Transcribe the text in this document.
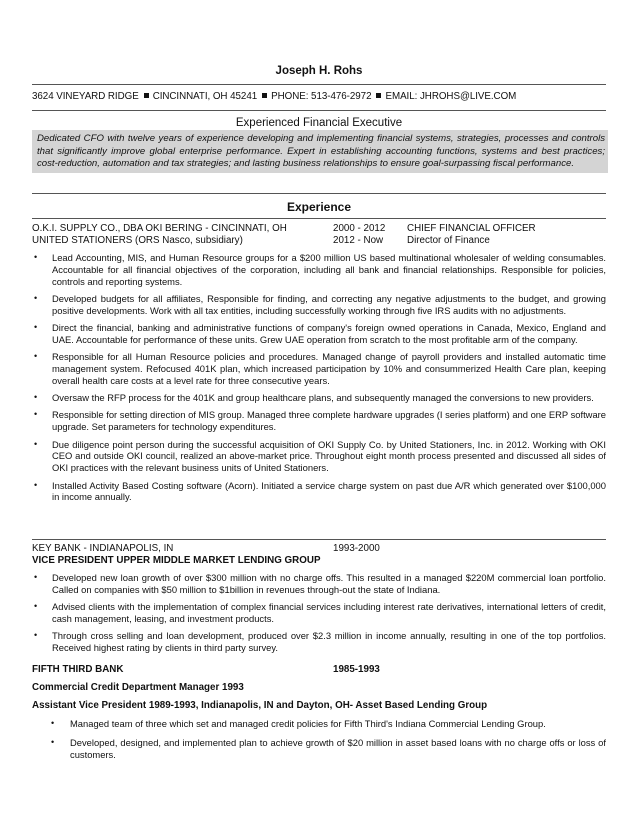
Joseph H. Rohs
3624 VINEYARD RIDGE CINCINNATI, OH 45241 PHONE: 513-476-2972 EMAIL: JHROHS@LIVE.COM
Experienced Financial Executive
Dedicated CFO with twelve years of experience developing and implementing financial systems, strategies, processes and controls that significantly improve global enterprise performance. Expert in establishing accounting functions, systems and best practices; cost-reduction, automation and tax strategies; and lasting business relationships to ensure goal-surpassing fiscal performance.
Experience
O.K.I. SUPPLY CO., DBA OKI BERING - CINCINNATI, OH	2000 - 2012 CHIEF FINANCIAL OFFICER
UNITED STATIONERS (ORS Nasco, subsidiary)	2012 - Now Director of Finance
• Lead Accounting, MIS, and Human Resource groups for a $200 million US based multinational wholesaler of welding consumables. Accountable for all financial objectives of the corporation, including all bank and financial relationships. Responsible for policies, controls and reporting systems.
• Developed budgets for all affiliates, Responsible for finding, and correcting any negative adjustments to the budget, and growing positive developments. Work with all tax entities, including successfully working through five IRS audits with no adjustments.
• Direct the financial, banking and administrative functions of company's foreign owned operations in Canada, Mexico, England and UAE. Accountable for performance of these units. Grew UAE operation from scratch to the most profitable arm of the company.
• Responsible for all Human Resource policies and procedures. Managed change of payroll providers and installed automatic time management system. Refocused 401K plan, which increased participation by 10% and consummerized Health Care plan, keeping overall health care costs at a level rate for three consecutive years.
• Oversaw the RFP process for the 401K and group healthcare plans, and subsequently managed the conversions to new providers.
• Responsible for setting direction of MIS group. Managed three complete hardware upgrades (I series platform) and one ERP software upgrade. Set parameters for technology expenditures.
• Due diligence point person during the successful acquisition of OKI Supply Co. by United Stationers, Inc. in 2012. Working with OKI CEO and outside OKI council, realized an above-market price. Throughout eight month process presented and discussed all sides of OKI practices with the relevant business units of United Stationers.
• Installed Activity Based Costing software (Acorn). Initiated a service charge system on past due A/R which generated over $100,000 in income annually.
KEY BANK - INDIANAPOLIS, IN	1993-2000
VICE PRESIDENT UPPER MIDDLE MARKET LENDING GROUP
• Developed new loan growth of over $300 million with no charge offs. This resulted in a managed $220M commercial loan portfolio. Called on companies with $50 million to $1billion in revenues through-out the state of Indiana.
• Advised clients with the implementation of complex financial services including interest rate derivatives, international letters of credit, cash management, leasing, and investment products.
• Through cross selling and loan development, produced over $2.3 million in income annually, resulting in one of the top portfolios. Received highest rating by clients in third party survey.
FIFTH THIRD BANK	1985-1993
Commercial Credit Department Manager 1993
Assistant Vice President 1989-1993, Indianapolis, IN and Dayton, OH- Asset Based Lending Group
• Managed team of three which set and managed credit policies for Fifth Third's Indiana Commercial Lending Group.
• Developed, designed, and implemented plan to achieve growth of $20 million in asset based loans with no charge offs or loss of customers.
